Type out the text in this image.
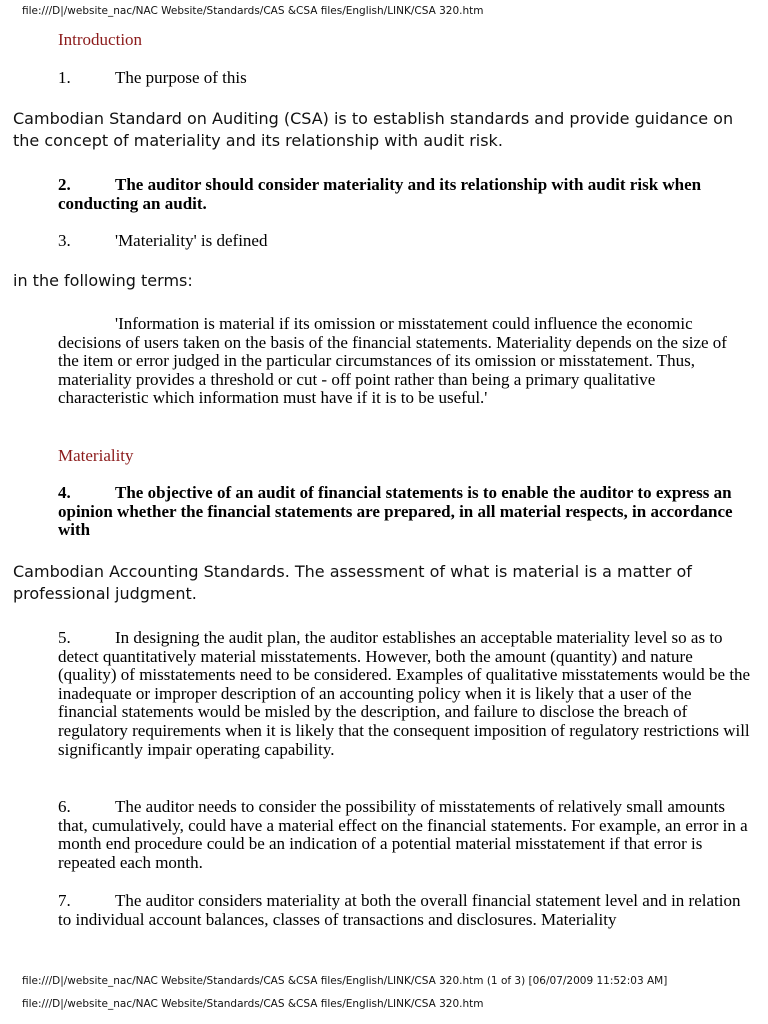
file:///D|/website_nac/NAC Website/Standards/CAS &CSA files/English/LINK/CSA 320.htm
Introduction
1.	The purpose of this
Cambodian Standard on Auditing (CSA) is to establish standards and provide guidance on the concept of materiality and its relationship with audit risk.
2.	The auditor should consider materiality and its relationship with audit risk when conducting an audit.
3.	'Materiality' is defined
in the following terms:
'Information is material if its omission or misstatement could influence the economic decisions of users taken on the basis of the financial statements. Materiality depends on the size of the item or error judged in the particular circumstances of its omission or misstatement. Thus, materiality provides a threshold or cut - off point rather than being a primary qualitative characteristic which information must have if it is to be useful.'
Materiality
4.	The objective of an audit of financial statements is to enable the auditor to express an opinion whether the financial statements are prepared, in all material respects, in accordance with
Cambodian Accounting Standards. The assessment of what is material is a matter of professional judgment.
5.	In designing the audit plan, the auditor establishes an acceptable materiality level so as to detect quantitatively material misstatements. However, both the amount (quantity) and nature (quality) of misstatements need to be considered. Examples of qualitative misstatements would be the inadequate or improper description of an accounting policy when it is likely that a user of the financial statements would be misled by the description, and failure to disclose the breach of regulatory requirements when it is likely that the consequent imposition of regulatory restrictions will significantly impair operating capability.
6.	The auditor needs to consider the possibility of misstatements of relatively small amounts that, cumulatively, could have a material effect on the financial statements. For example, an error in a month end procedure could be an indication of a potential material misstatement if that error is repeated each month.
7.	The auditor considers materiality at both the overall financial statement level and in relation to individual account balances, classes of transactions and disclosures. Materiality
file:///D|/website_nac/NAC Website/Standards/CAS &CSA files/English/LINK/CSA 320.htm (1 of 3) [06/07/2009 11:52:03 AM]
file:///D|/website_nac/NAC Website/Standards/CAS &CSA files/English/LINK/CSA 320.htm
